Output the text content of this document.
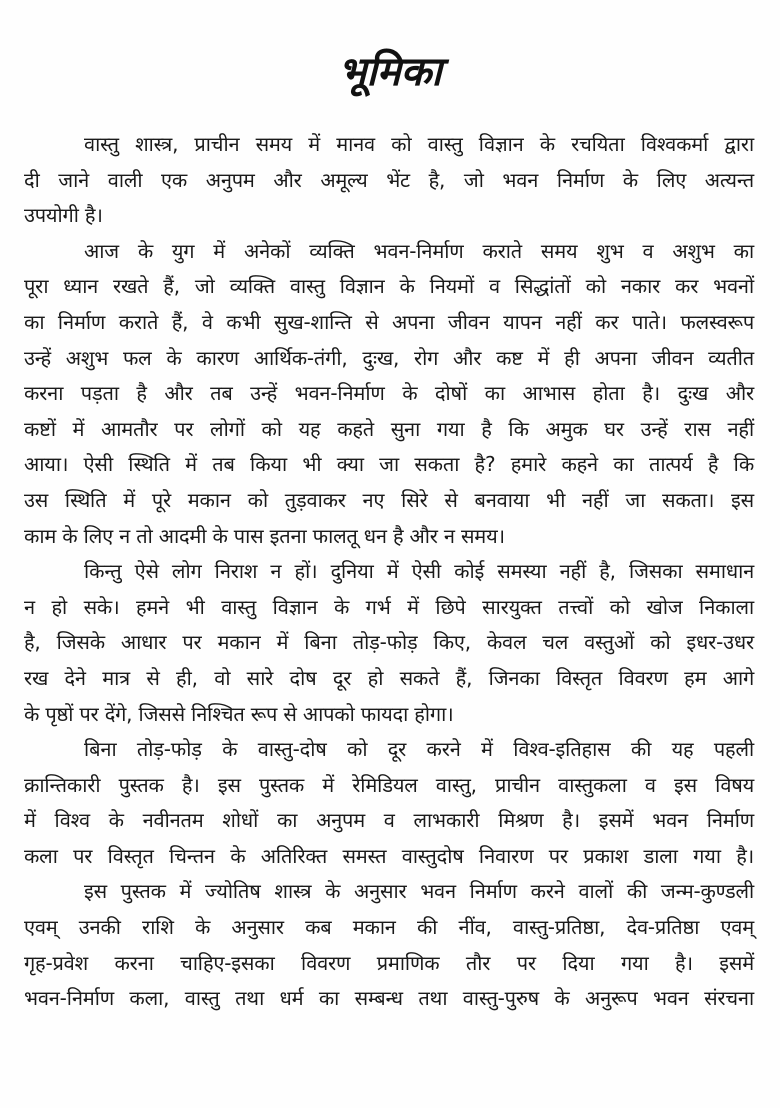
भूमिका
वास्तु शास्त्र, प्राचीन समय में मानव को वास्तु विज्ञान के रचयिता विश्वकर्मा द्वारा
दी जाने वाली एक अनुपम और अमूल्य भेंट है, जो भवन निर्माण के लिए अत्यन्त
उपयोगी है।
आज के युग में अनेकों व्यक्ति भवन-निर्माण कराते समय शुभ व अशुभ का
पूरा ध्यान रखते हैं, जो व्यक्ति वास्तु विज्ञान के नियमों व सिद्धांतों को नकार कर भवनों
का निर्माण कराते हैं, वे कभी सुख-शान्ति से अपना जीवन यापन नहीं कर पाते। फलस्वरूप
उन्हें अशुभ फल के कारण आर्थिक-तंगी, दुःख, रोग और कष्ट में ही अपना जीवन व्यतीत
करना पड़ता है और तब उन्हें भवन-निर्माण के दोषों का आभास होता है। दुःख और
कष्टों में आमतौर पर लोगों को यह कहते सुना गया है कि अमुक घर उन्हें रास नहीं
आया। ऐसी स्थिति में तब किया भी क्या जा सकता है? हमारे कहने का तात्पर्य है कि
उस स्थिति में पूरे मकान को तुड़वाकर नए सिरे से बनवाया भी नहीं जा सकता। इस
काम के लिए न तो आदमी के पास इतना फालतू धन है और न समय।
किन्तु ऐसे लोग निराश न हों। दुनिया में ऐसी कोई समस्या नहीं है, जिसका समाधान
न हो सके। हमने भी वास्तु विज्ञान के गर्भ में छिपे सारयुक्त तत्त्वों को खोज निकाला
है, जिसके आधार पर मकान में बिना तोड़-फोड़ किए, केवल चल वस्तुओं को इधर-उधर
रख देने मात्र से ही, वो सारे दोष दूर हो सकते हैं, जिनका विस्तृत विवरण हम आगे
के पृष्ठों पर देंगे, जिससे निश्चित रूप से आपको फायदा होगा।
बिना तोड़-फोड़ के वास्तु-दोष को दूर करने में विश्व-इतिहास की यह पहली
क्रान्तिकारी पुस्तक है। इस पुस्तक में रेमिडियल वास्तु, प्राचीन वास्तुकला व इस विषय
में विश्व के नवीनतम शोधों का अनुपम व लाभकारी मिश्रण है। इसमें भवन निर्माण
कला पर विस्तृत चिन्तन के अतिरिक्त समस्त वास्तुदोष निवारण पर प्रकाश डाला गया है।
इस पुस्तक में ज्योतिष शास्त्र के अनुसार भवन निर्माण करने वालों की जन्म-कुण्डली
एवम् उनकी राशि के अनुसार कब मकान की नींव, वास्तु-प्रतिष्ठा, देव-प्रतिष्ठा एवम्
गृह-प्रवेश करना चाहिए-इसका विवरण प्रमाणिक तौर पर दिया गया है। इसमें
भवन-निर्माण कला, वास्तु तथा धर्म का सम्बन्ध तथा वास्तु-पुरुष के अनुरूप भवन संरचना
